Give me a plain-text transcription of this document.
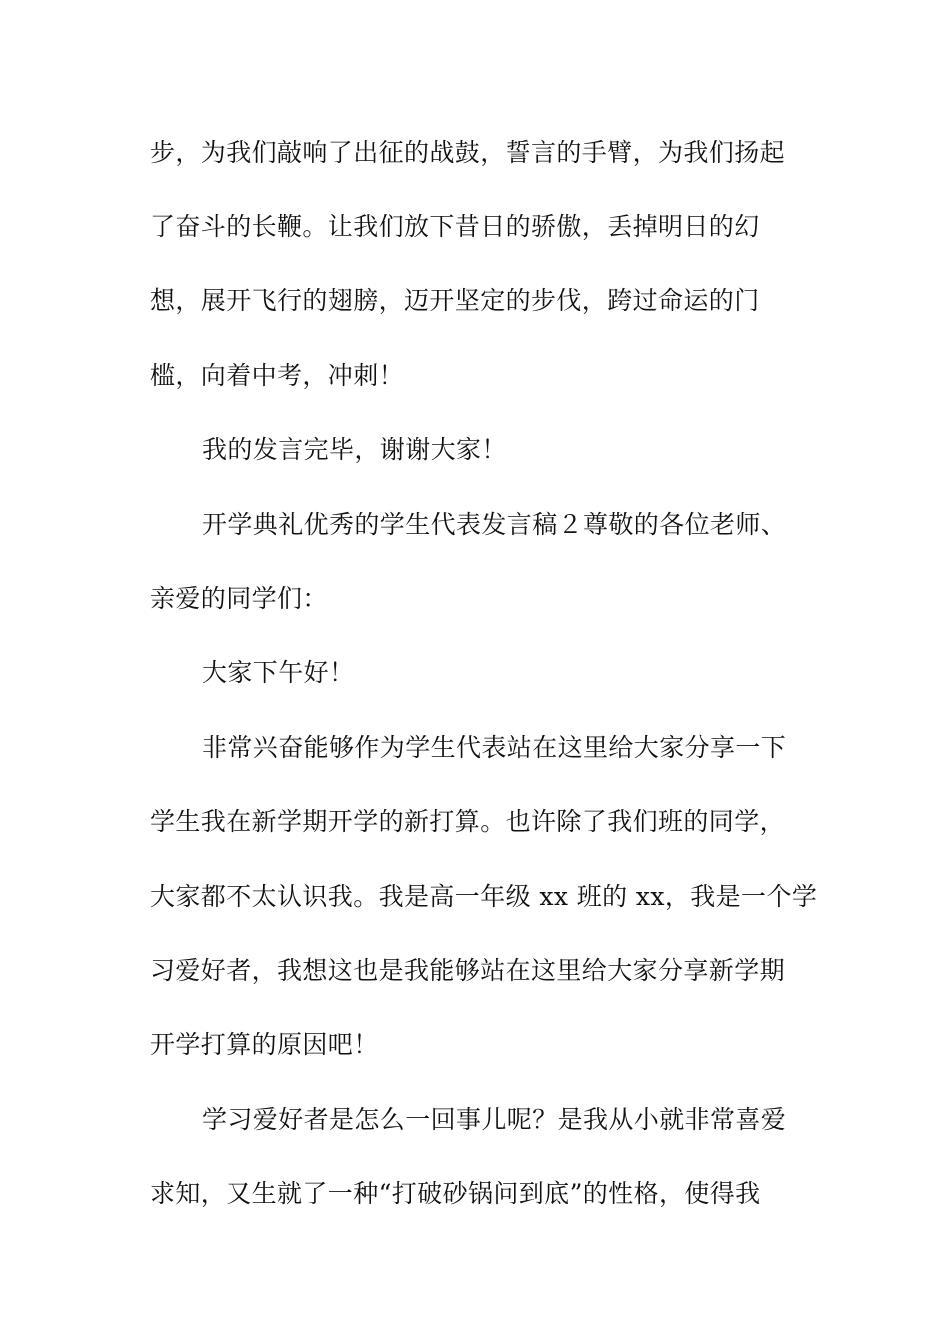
步，为我们敲响了出征的战鼓，誓言的手臂，为我们扬起
了奋斗的长鞭。让我们放下昔日的骄傲，丢掉明日的幻
想，展开飞行的翅膀，迈开坚定的步伐，跨过命运的门
槛，向着中考，冲刺！
我的发言完毕，谢谢大家！
开学典礼优秀的学生代表发言稿２尊敬的各位老师、
亲爱的同学们：
大家下午好！
非常兴奋能够作为学生代表站在这里给大家分享一下
学生我在新学期开学的新打算。也许除了我们班的同学，
大家都不太认识我。我是高一年级 xx 班的 xx，我是一个学
习爱好者，我想这也是我能够站在这里给大家分享新学期
开学打算的原因吧！
学习爱好者是怎么一回事儿呢？是我从小就非常喜爱
求知，又生就了一种“打破砂锅问到底”的性格，使得我
